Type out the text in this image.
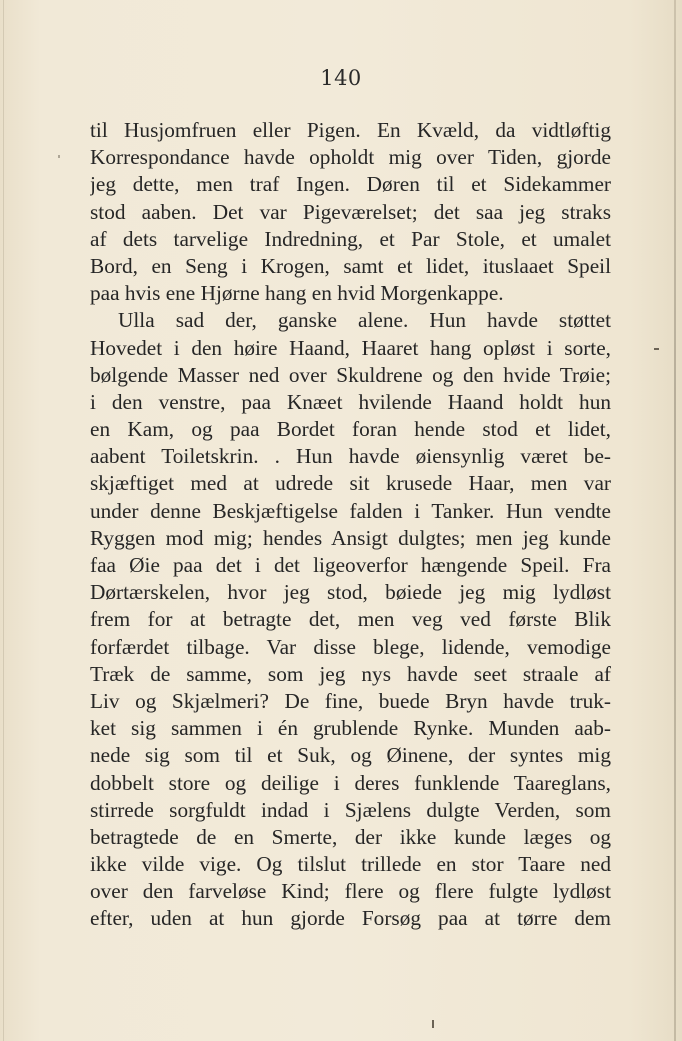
140
til Husjomfruen eller Pigen. En Kvæld, da vidtløftig
Korrespondance havde opholdt mig over Tiden, gjorde
jeg dette, men traf Ingen. Døren til et Sidekammer
stod aaben. Det var Pigeværelset; det saa jeg straks
af dets tarvelige Indredning, et Par Stole, et umalet
Bord, en Seng i Krogen, samt et lidet, ituslaaet Speil
paa hvis ene Hjørne hang en hvid Morgenkappe.
Ulla sad der, ganske alene. Hun havde støttet
Hovedet i den høire Haand, Haaret hang opløst i sorte,
bølgende Masser ned over Skuldrene og den hvide Trøie;
i den venstre, paa Knæet hvilende Haand holdt hun
en Kam, og paa Bordet foran hende stod et lidet,
aabent Toiletskrin. . Hun havde øiensynlig været be-
skjæftiget med at udrede sit krusede Haar, men var
under denne Beskjæftigelse falden i Tanker. Hun vendte
Ryggen mod mig; hendes Ansigt dulgtes; men jeg kunde
faa Øie paa det i det ligeoverfor hængende Speil. Fra
Dørtærskelen, hvor jeg stod, bøiede jeg mig lydløst
frem for at betragte det, men veg ved første Blik
forfærdet tilbage. Var disse blege, lidende, vemodige
Træk de samme, som jeg nys havde seet straale af
Liv og Skjælmeri? De fine, buede Bryn havde truk-
ket sig sammen i én grublende Rynke. Munden aab-
nede sig som til et Suk, og Øinene, der syntes mig
dobbelt store og deilige i deres funklende Taareglans,
stirrede sorgfuldt indad i Sjælens dulgte Verden, som
betragtede de en Smerte, der ikke kunde læges og
ikke vilde vige. Og tilslut trillede en stor Taare ned
over den farveløse Kind; flere og flere fulgte lydløst
efter, uden at hun gjorde Forsøg paa at tørre dem
